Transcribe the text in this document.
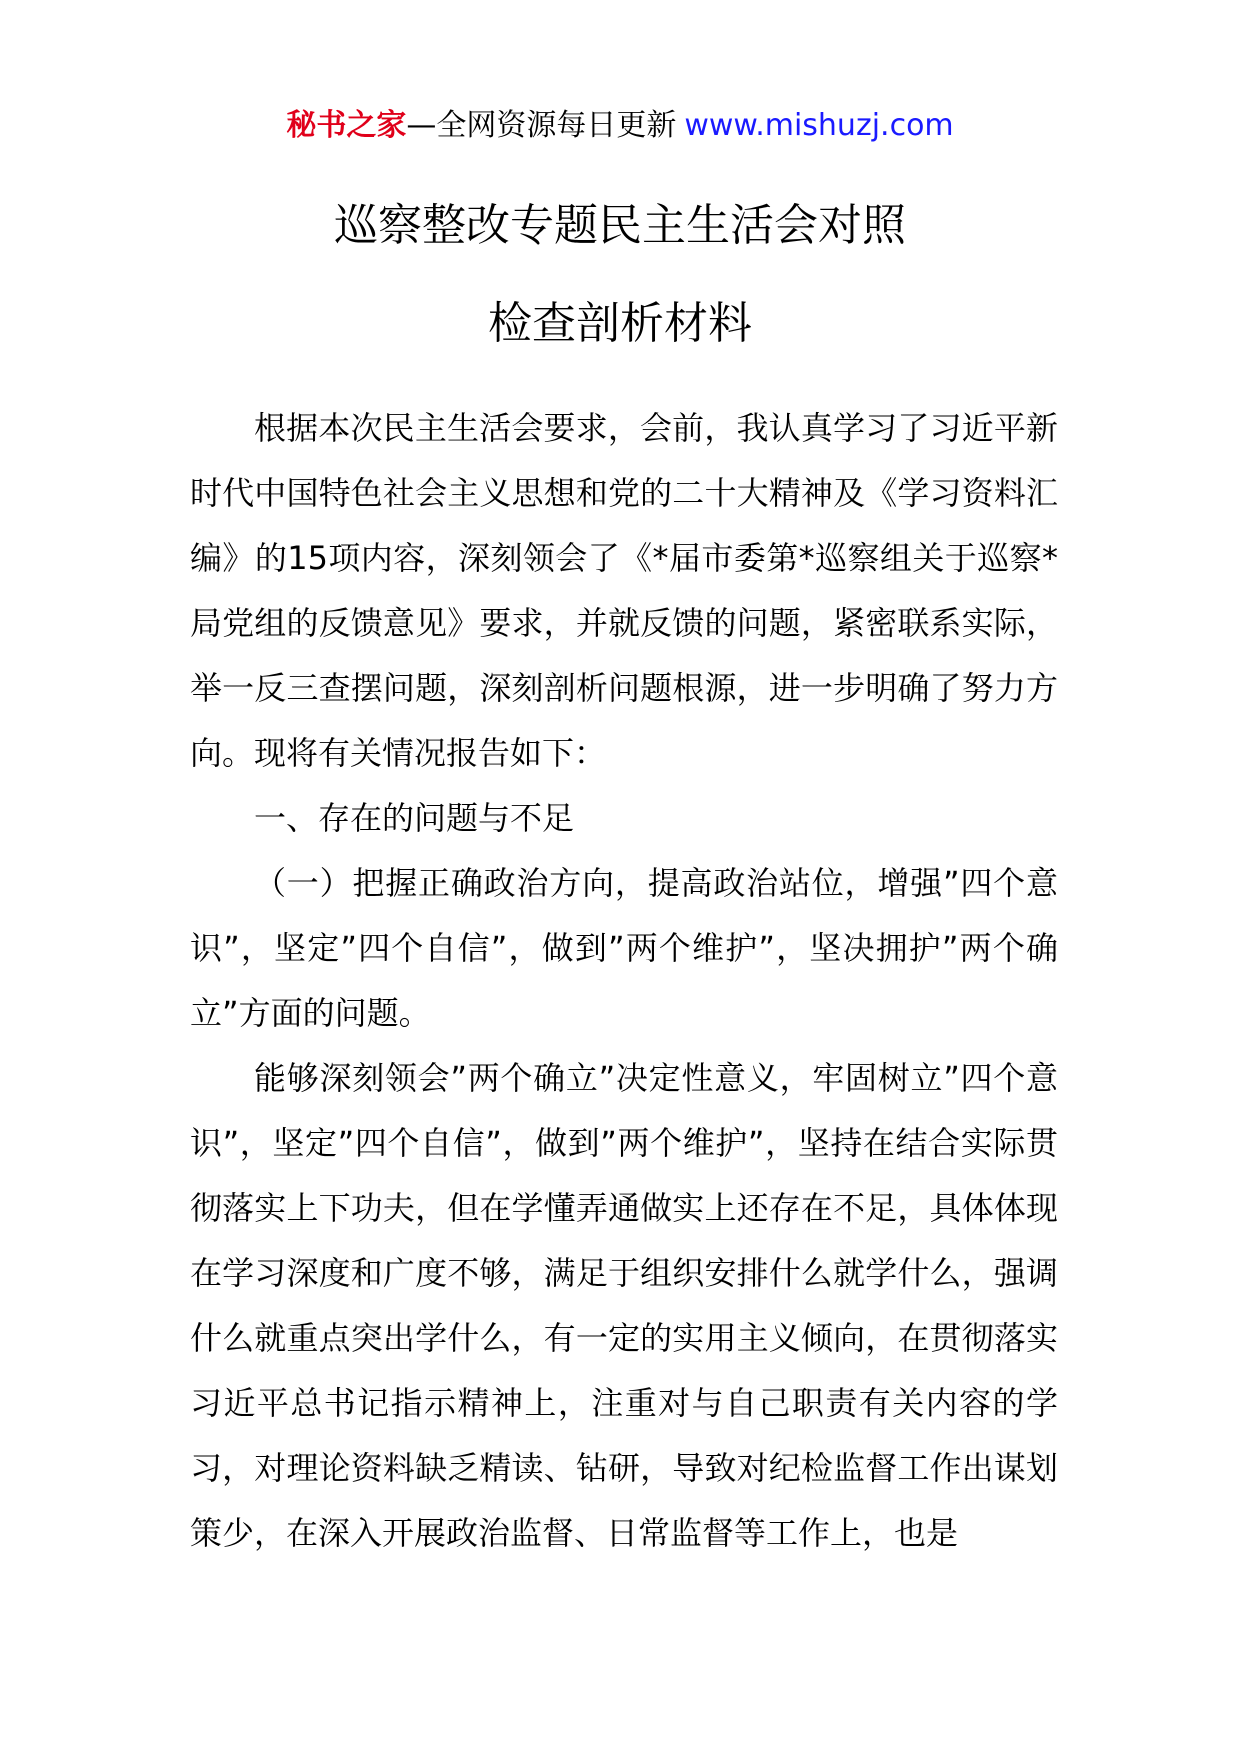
秘书之家—全网资源每日更新 www.mishuzj.com
巡察整改专题民主生活会对照
检查剖析材料

根据本次民主生活会要求，会前，我认真学习了习近平新时代中国特色社会主义思想和党的二十大精神及《学习资料汇编》的15项内容，深刻领会了《*届市委第*巡察组关于巡察*局党组的反馈意见》要求，并就反馈的问题，紧密联系实际，举一反三查摆问题，深刻剖析问题根源，进一步明确了努力方向。现将有关情况报告如下：

一、存在的问题与不足

（一）把握正确政治方向，提高政治站位，增强”四个意识”，坚定”四个自信”，做到”两个维护”，坚决拥护”两个确立”方面的问题。

能够深刻领会”两个确立”决定性意义，牢固树立”四个意识”，坚定”四个自信”，做到”两个维护”，坚持在结合实际贯彻落实上下功夫，但在学懂弄通做实上还存在不足，具体体现在学习深度和广度不够，满足于组织安排什么就学什么，强调什么就重点突出学什么，有一定的实用主义倾向，在贯彻落实习近平总书记指示精神上，注重对与自己职责有关内容的学习，对理论资料缺乏精读、钻研，导致对纪检监督工作出谋划策少，在深入开展政治监督、日常监督等工作上，也是
